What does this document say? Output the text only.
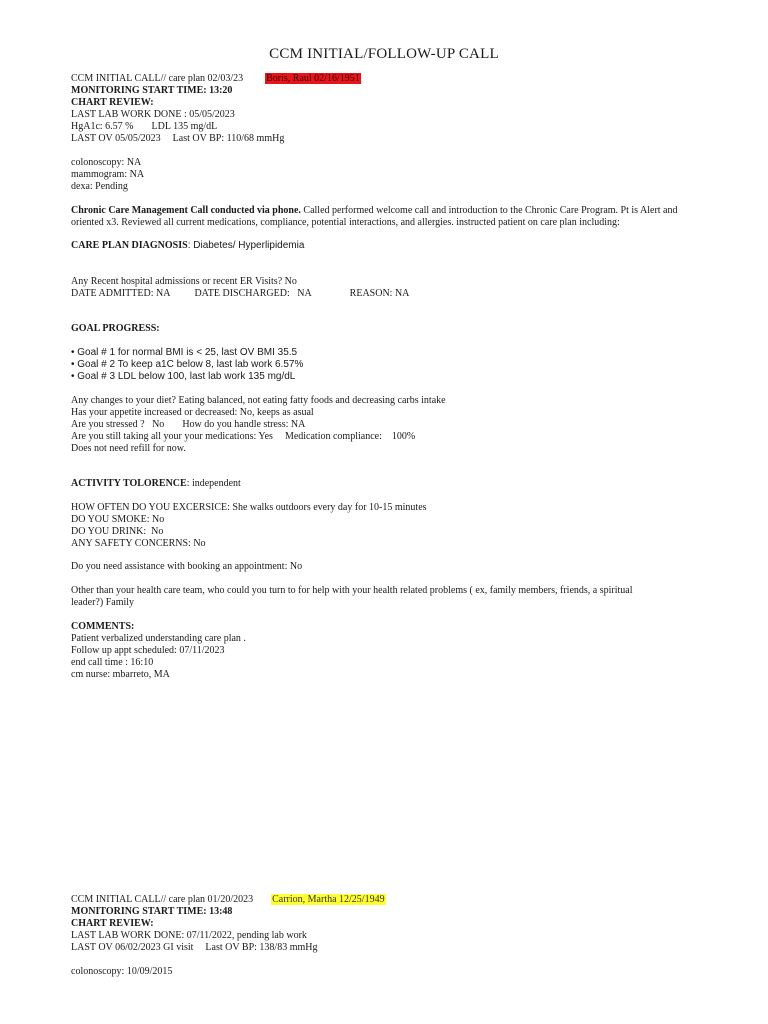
CCM INITIAL/FOLLOW-UP CALL
CCM INITIAL CALL// care plan 02/03/23 Boris, Raul 02/16/1951
MONITORING START TIME: 13:20
CHART REVIEW:
LAST LAB WORK DONE : 05/05/2023
HgA1c: 6.57 % LDL 135 mg/dL
LAST OV 05/05/2023 Last OV BP: 110/68 mmHg
colonoscopy: NA
mammogram: NA
dexa: Pending
Chronic Care Management Call conducted via phone. Called performed welcome call and introduction to the Chronic Care Program. Pt is Alert and oriented x3. Reviewed all current medications, compliance, potential interactions, and allergies. instructed patient on care plan including:
CARE PLAN DIAGNOSIS: Diabetes/ Hyperlipidemia
Any Recent hospital admissions or recent ER Visits? No
DATE ADMITTED: NA DATE DISCHARGED:   NA	REASON: NA
GOAL PROGRESS:
• Goal # 1 for normal BMI is < 25, last OV BMI 35.5
• Goal # 2 To keep a1C below 8, last lab work 6.57%
• Goal # 3 LDL below 100, last lab work 135 mg/dL
Any changes to your diet? Eating balanced, not eating fatty foods and decreasing carbs intake
Has your appetite increased or decreased: No, keeps as asual
Are you stressed ?   No How do you handle stress: NA
Are you still taking all your your medications: Yes Medication compliance:    100%
Does not need refill for now.
ACTIVITY TOLORENCE: independent
HOW OFTEN DO YOU EXCERSICE: She walks outdoors every day for 10-15 minutes
DO YOU SMOKE: No
DO YOU DRINK:  No
ANY SAFETY CONCERNS: No
Do you need assistance with booking an appointment: No
Other than your health care team, who could you turn to for help with your health related problems ( ex, family members, friends, a spiritual leader?) Family
COMMENTS:
Patient verbalized understanding care plan .
Follow up appt scheduled: 07/11/2023
end call time : 16:10
cm nurse: mbarreto, MA
CCM INITIAL CALL// care plan 01/20/2023 Carrion, Martha 12/25/1949
MONITORING START TIME: 13:48
CHART REVIEW:
LAST LAB WORK DONE: 07/11/2022, pending lab work
LAST OV 06/02/2023 GI visit Last OV BP: 138/83 mmHg
colonoscopy: 10/09/2015
